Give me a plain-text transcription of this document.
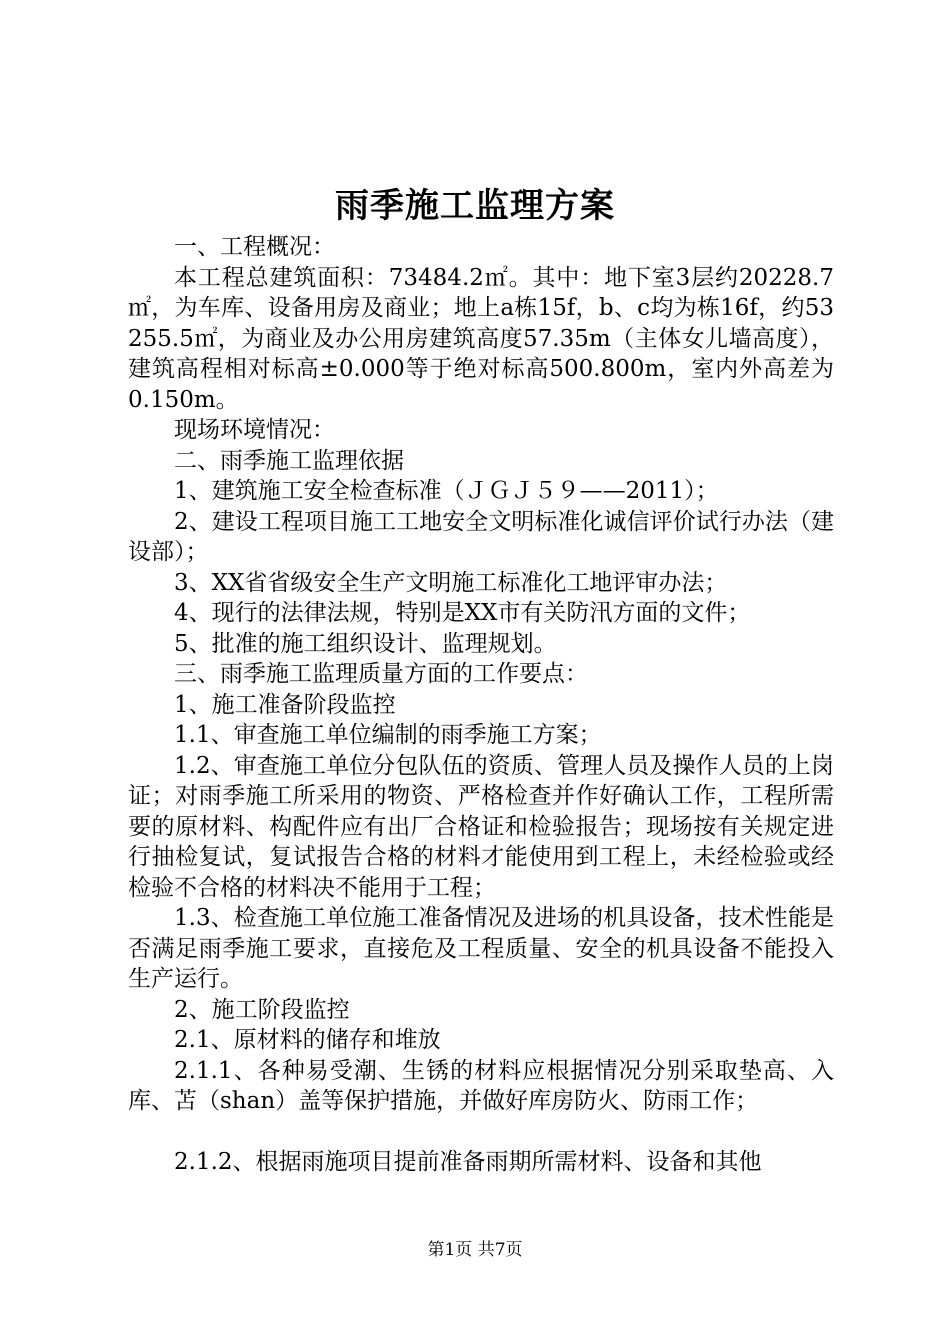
雨季施工监理方案

一、工程概况：

本工程总建筑面积：73484.2㎡。其中：地下室3层约20228.7㎡，为车库、设备用房及商业；地上a栋15f，b、c均为栋16f，约53255.5㎡，为商业及办公用房建筑高度57.35m（主体女儿墙高度），建筑高程相对标高±0.000等于绝对标高500.800m，室内外高差为0.150m。

现场环境情况：

二、雨季施工监理依据

1、建筑施工安全检查标准（ＪＧＪ５９——2011）；

2、建设工程项目施工工地安全文明标准化诚信评价试行办法（建设部）；

3、XX省省级安全生产文明施工标准化工地评审办法；

4、现行的法律法规，特别是XX市有关防汛方面的文件；

5、批准的施工组织设计、监理规划。

三、雨季施工监理质量方面的工作要点：

1、施工准备阶段监控

1.1、审查施工单位编制的雨季施工方案；

1.2、审查施工单位分包队伍的资质、管理人员及操作人员的上岗证；对雨季施工所采用的物资、严格检查并作好确认工作，工程所需要的原材料、构配件应有出厂合格证和检验报告；现场按有关规定进行抽检复试，复试报告合格的材料才能使用到工程上，未经检验或经检验不合格的材料决不能用于工程；

1.3、检查施工单位施工准备情况及进场的机具设备，技术性能是否满足雨季施工要求，直接危及工程质量、安全的机具设备不能投入生产运行。

2、施工阶段监控

2.1、原材料的储存和堆放

2.1.1、各种易受潮、生锈的材料应根据情况分别采取垫高、入库、苫（shan）盖等保护措施，并做好库房防火、防雨工作；

2.1.2、根据雨施项目提前准备雨期所需材料、设备和其他

第1页 共7页
